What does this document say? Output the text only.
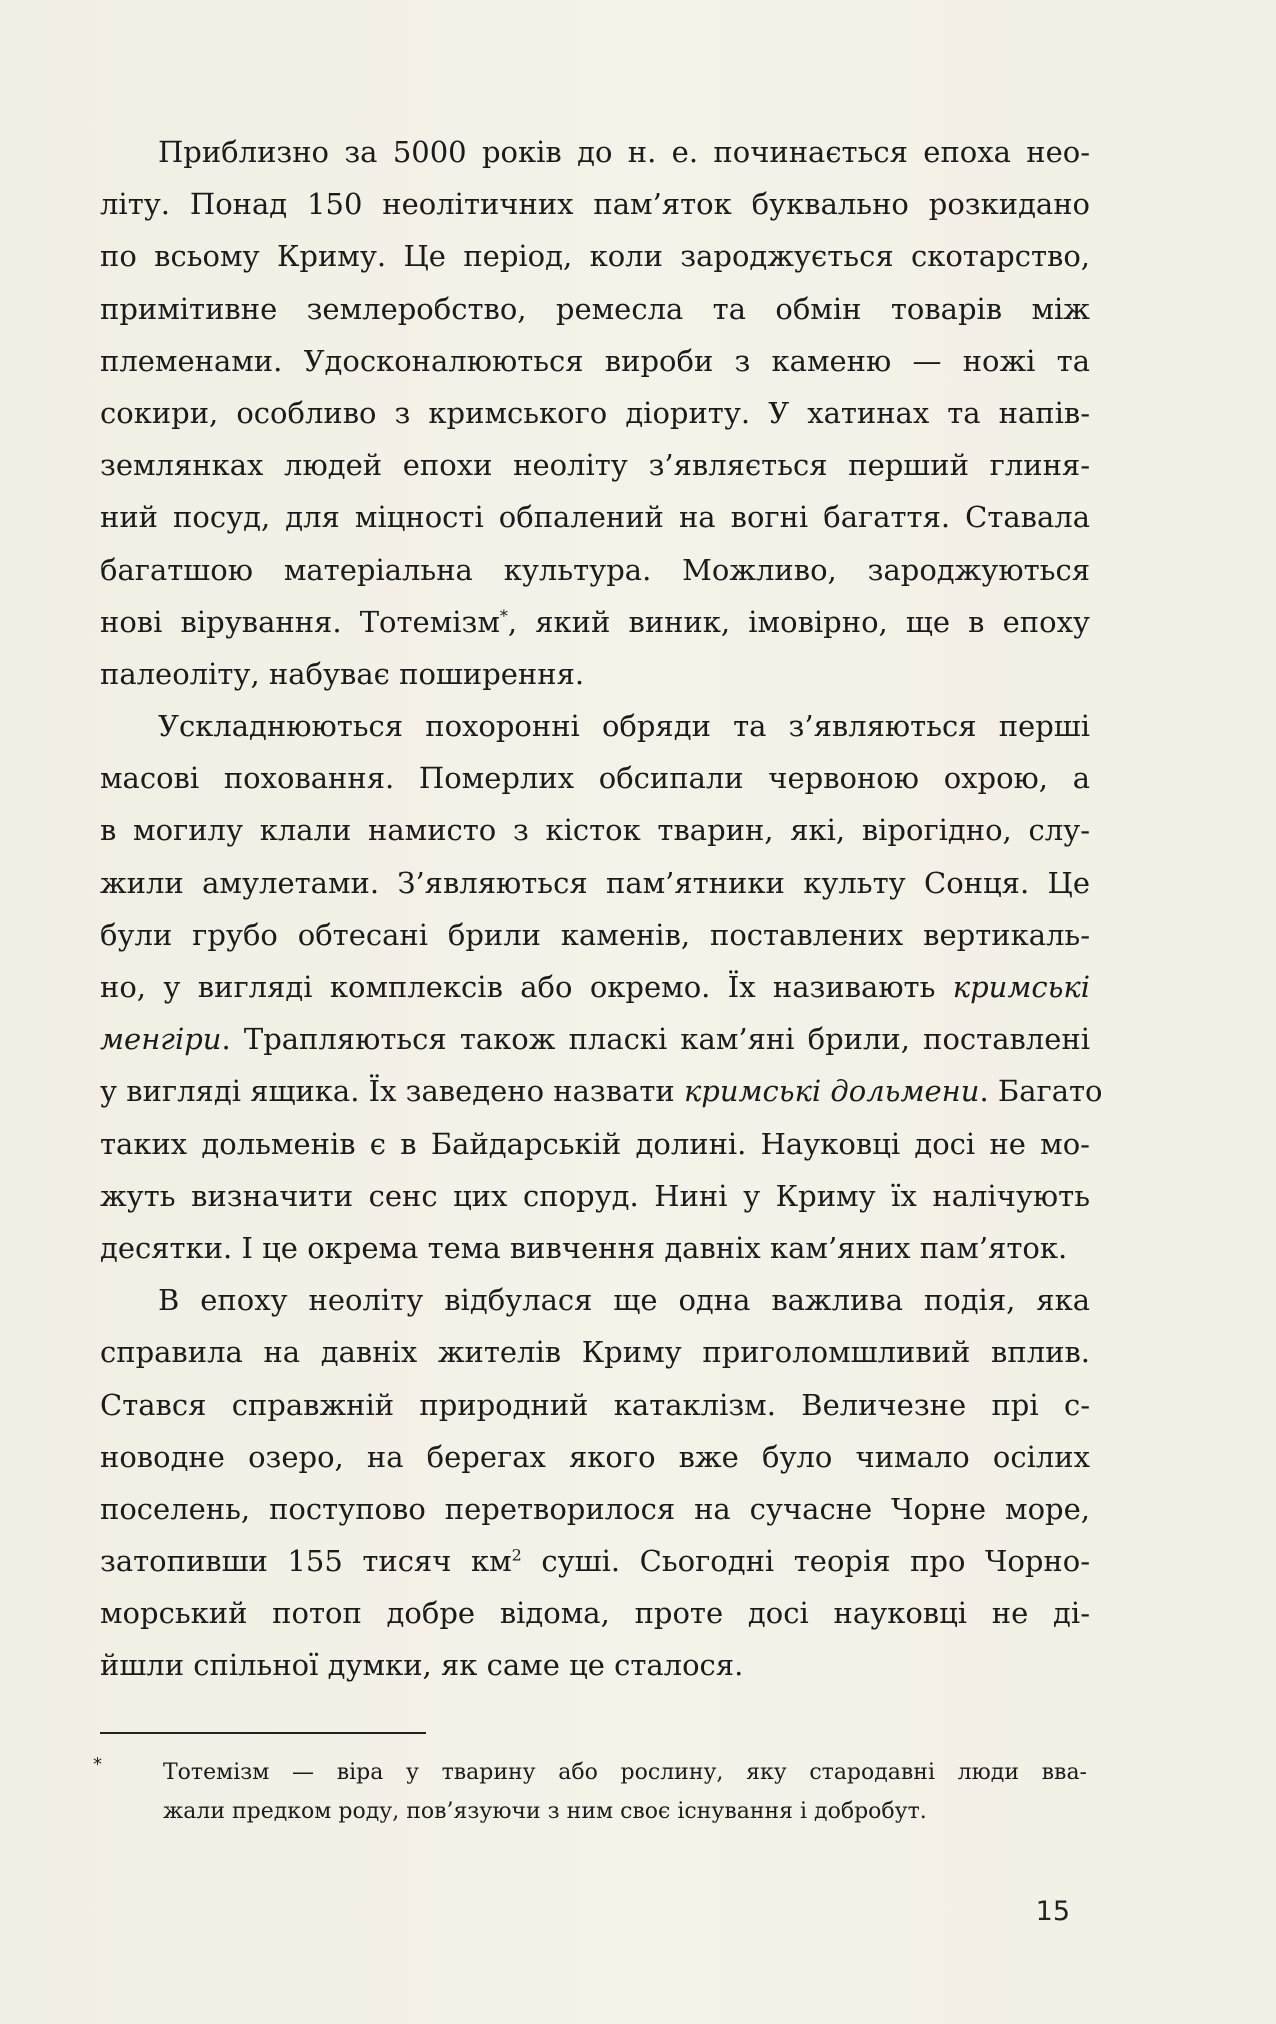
Приблизно за 5000 років до н. е. починається епоха нео-
літу. Понад 150 неолітичних пам’яток буквально розкидано
по всьому Криму. Це період, коли зароджується скотарство,
примітивне землеробство, ремесла та обмін товарів між
племенами. Удосконалюються вироби з каменю — ножі та
сокири, особливо з кримського діориту. У хатинах та напів-
землянках людей епохи неоліту з’являється перший глиня-
ний посуд, для міцності обпалений на вогні багаття. Ставала
багатшою матеріальна культура. Можливо, зароджуються
нові вірування. Тотемізм*, який виник, імовірно, ще в епоху
палеоліту, набуває поширення.
Ускладнюються похоронні обряди та з’являються перші
масові поховання. Померлих обсипали червоною охрою, а
в могилу клали намисто з кісток тварин, які, вірогідно, слу-
жили амулетами. З’являються пам’ятники культу Сонця. Це
були грубо обтесані брили каменів, поставлених вертикаль-
но, у вигляді комплексів або окремо. Їх називають кримські
менгіри. Трапляються також пласкі кам’яні брили, поставлені
у вигляді ящика. Їх заведено назвати кримські дольмени. Багато
таких дольменів є в Байдарській долині. Науковці досі не мо-
жуть визначити сенс цих споруд. Нині у Криму їх налічують
десятки. І це окрема тема вивчення давніх кам’яних пам’яток.
В епоху неоліту відбулася ще одна важлива подія, яка
справила на давніх жителів Криму приголомшливий вплив.
Стався справжній природний катаклізм. Величезне прі с-
новодне озеро, на берегах якого вже було чимало осілих
поселень, поступово перетворилося на сучасне Чорне море,
затопивши 155 тисяч $км^2$ суші. Сьогодні теорія про Чорно-
морський потоп добре відома, проте досі науковці не ді-
йшли спільної думки, як саме це сталося.
*	Тотемізм — віра у тварину або рослину, яку стародавні люди вва-
жали предком роду, пов’язуючи з ним своє існування і добробут.
15
